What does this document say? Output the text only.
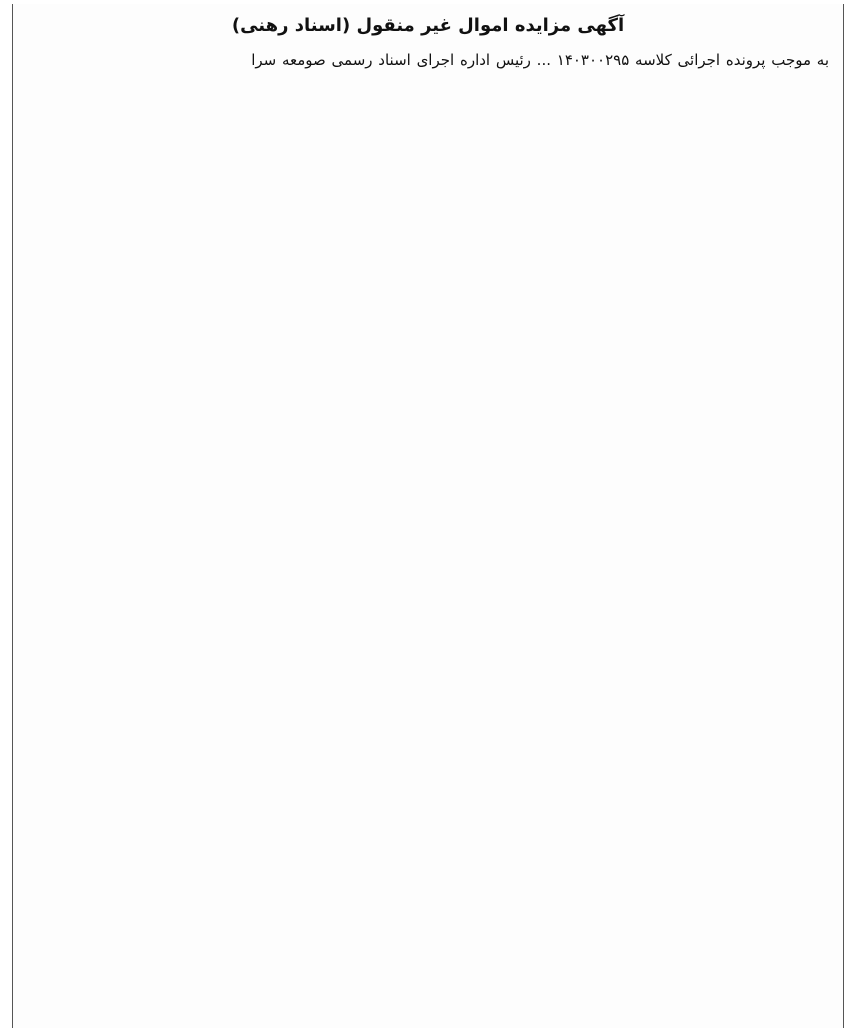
آگهی مزایده اموال غیر منقول (اسناد رهنی)
به موجب پرونده اجرائی کلاسه ۱۴۰۳۰۰۲۹۵ ... رئیس اداره اجرای اسناد رسمی صومعه سرا
